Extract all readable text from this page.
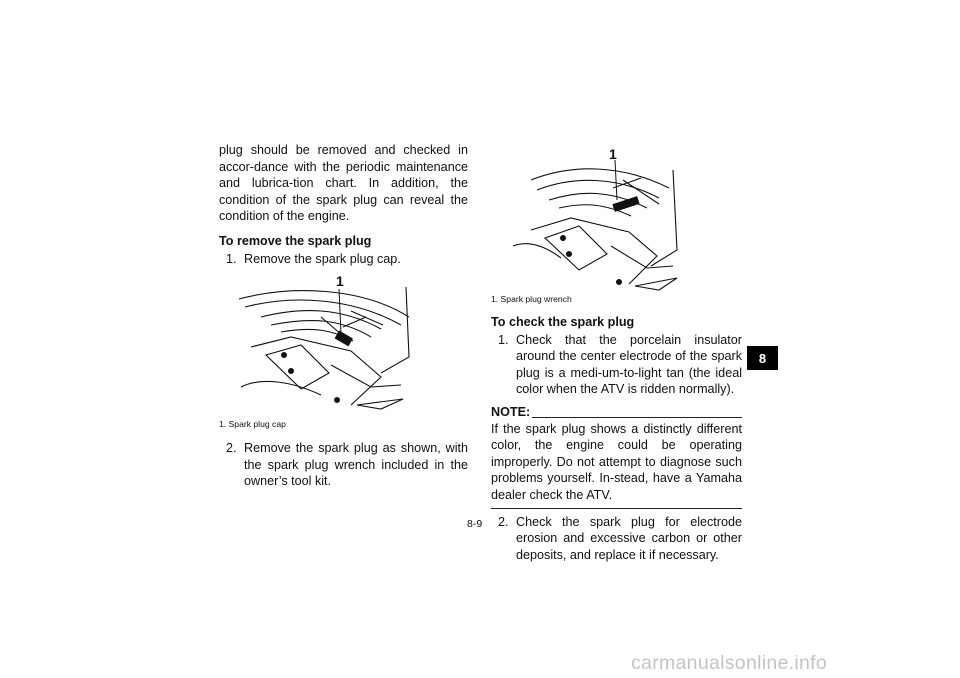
plug should be removed and checked in accor-dance with the periodic maintenance and lubrica-tion chart. In addition, the condition of the spark plug can reveal the condition of the engine.

To remove the spark plug
1. Remove the spark plug cap.
1
1. Spark plug cap
2. Remove the spark plug as shown, with the spark plug wrench included in the owner’s tool kit.
1
1. Spark plug wrench
To check the spark plug
1. Check that the porcelain insulator around the center electrode of the spark plug is a medi-um-to-light tan (the ideal color when the ATV is ridden normally).
NOTE:
If the spark plug shows a distinctly different color, the engine could be operating improperly. Do not attempt to diagnose such problems yourself. In-stead, have a Yamaha dealer check the ATV.
2. Check the spark plug for electrode erosion and excessive carbon or other deposits, and replace it if necessary.
8-9
8
carmanualsonline.info
